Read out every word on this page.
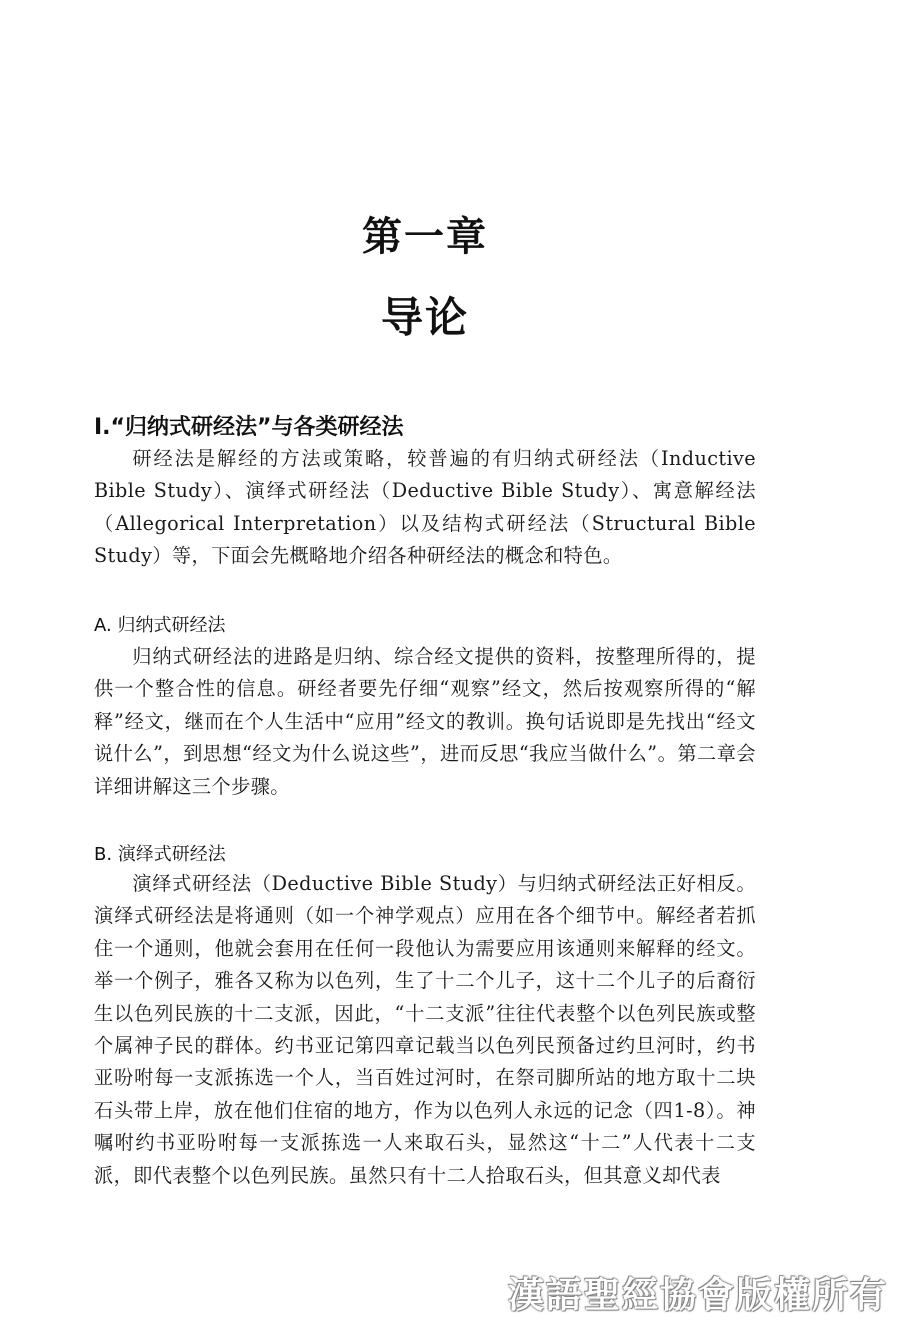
第一章
导论
I.“归纳式研经法”与各类研经法

研经法是解经的方法或策略，较普遍的有归纳式研经法（Inductive Bible Study）、演绎式研经法（Deductive Bible Study）、寓意解经法（Allegorical Interpretation）以及结构式研经法（Structural Bible Study）等，下面会先概略地介绍各种研经法的概念和特色。

A. 归纳式研经法

归纳式研经法的进路是归纳、综合经文提供的资料，按整理所得的，提供一个整合性的信息。研经者要先仔细“观察”经文，然后按观察所得的“解释”经文，继而在个人生活中“应用”经文的教训。换句话说即是先找出“经文说什么”，到思想“经文为什么说这些”，进而反思“我应当做什么”。第二章会详细讲解这三个步骤。

B. 演绎式研经法

演绎式研经法（Deductive Bible Study）与归纳式研经法正好相反。演绎式研经法是将通则（如一个神学观点）应用在各个细节中。解经者若抓住一个通则，他就会套用在任何一段他认为需要应用该通则来解释的经文。举一个例子，雅各又称为以色列，生了十二个儿子，这十二个儿子的后裔衍生以色列民族的十二支派，因此，“十二支派”往往代表整个以色列民族或整个属神子民的群体。约书亚记第四章记载当以色列民预备过约旦河时，约书亚吩咐每一支派拣选一个人，当百姓过河时，在祭司脚所站的地方取十二块石头带上岸，放在他们住宿的地方，作为以色列人永远的记念（四1-8）。神嘱咐约书亚吩咐每一支派拣选一人来取石头，显然这“十二”人代表十二支派，即代表整个以色列民族。虽然只有十二人拾取石头，但其意义却代表

漢語聖經協會版權所有
